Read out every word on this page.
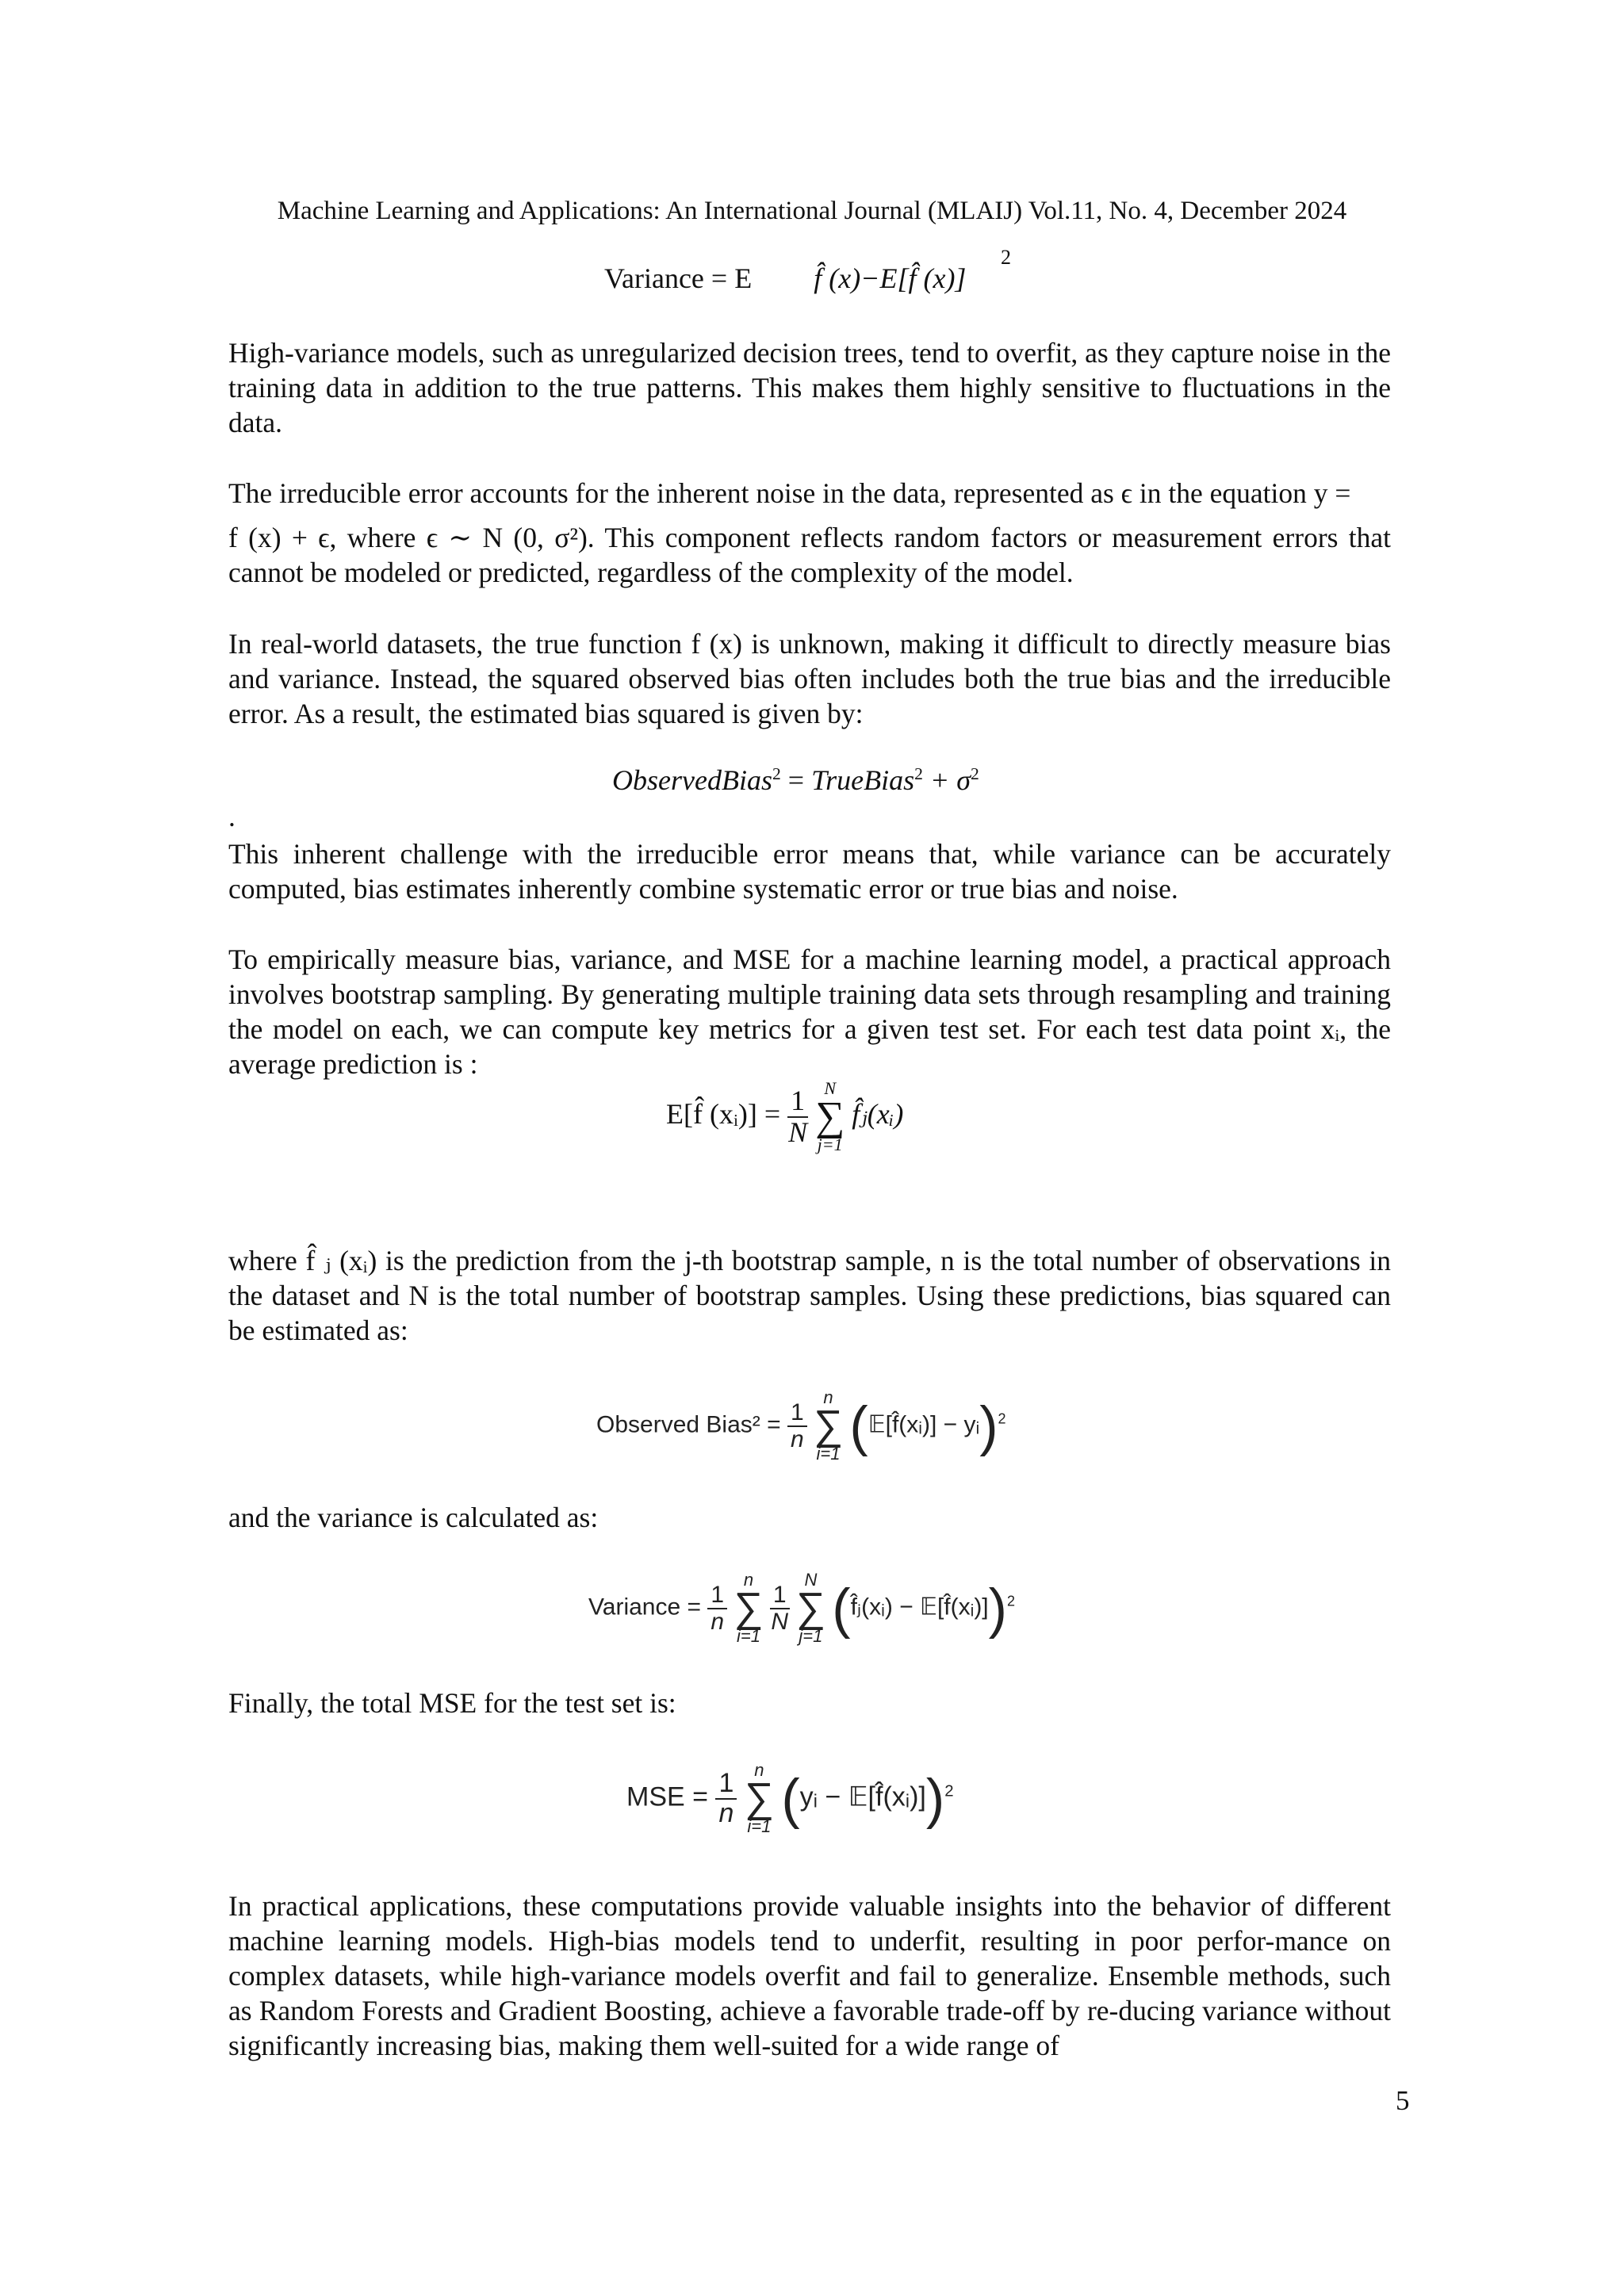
Machine Learning and Applications: An International Journal (MLAIJ) Vol.11, No. 4, December 2024
Variance = E f̂ (x)−E[f̂ (x)]
2

High-variance models, such as unregularized decision trees, tend to overfit, as they capture noise in the training data in addition to the true patterns. This makes them highly sensitive to fluctuations in the data.

The irreducible error accounts for the inherent noise in the data, represented as ϵ in the equation y =

f (x) + ϵ, where ϵ ∼ N (0, σ²). This component reflects random factors or measurement errors that cannot be modeled or predicted, regardless of the complexity of the model.

In real-world datasets, the true function f (x) is unknown, making it difficult to directly measure bias and variance. Instead, the squared observed bias often includes both the true bias and the irreducible error. As a result, the estimated bias squared is given by:

ObservedBias$^2$ = TrueBias$^2$ + $\sigma^2$
.

This inherent challenge with the irreducible error means that, while variance can be accurately computed, bias estimates inherently combine systematic error or true bias and noise.

To empirically measure bias, variance, and MSE for a machine learning model, a practical approach involves bootstrap sampling. By generating multiple training data sets through resampling and training the model on each, we can compute key metrics for a given test set. For each test data point xᵢ, the average prediction is :

E[f̂ (xᵢ)] = $\frac{1}{N}$
N
∑
j=1
f̂ⱼ(xᵢ)

where f̂ ⱼ (xᵢ) is the prediction from the j-th bootstrap sample, n is the total number of observations in the dataset and N is the total number of bootstrap samples. Using these predictions, bias squared can be estimated as:

Observed Bias² = $\frac{1}{n}$

n
∑
i=1 (𝔼[f̂(xᵢ)] − yᵢ)$^2$

and the variance is calculated as:

Variance = $\frac{1}{n}$

n
∑
i=1

$\frac{1}{N}$

N
∑
j=1 (f̂ⱼ(xᵢ) − 𝔼[f̂(xᵢ)])$^2$

Finally, the total MSE for the test set is:

MSE = $\frac{1}{n}$
n
∑
i=1 (yᵢ − 𝔼[f̂(xᵢ)])$^2$

In practical applications, these computations provide valuable insights into the behavior of different machine learning models. High-bias models tend to underfit, resulting in poor perfor-mance on complex datasets, while high-variance models overfit and fail to generalize. Ensemble methods, such as Random Forests and Gradient Boosting, achieve a favorable trade-off by re-ducing variance without significantly increasing bias, making them well-suited for a wide range of

5
